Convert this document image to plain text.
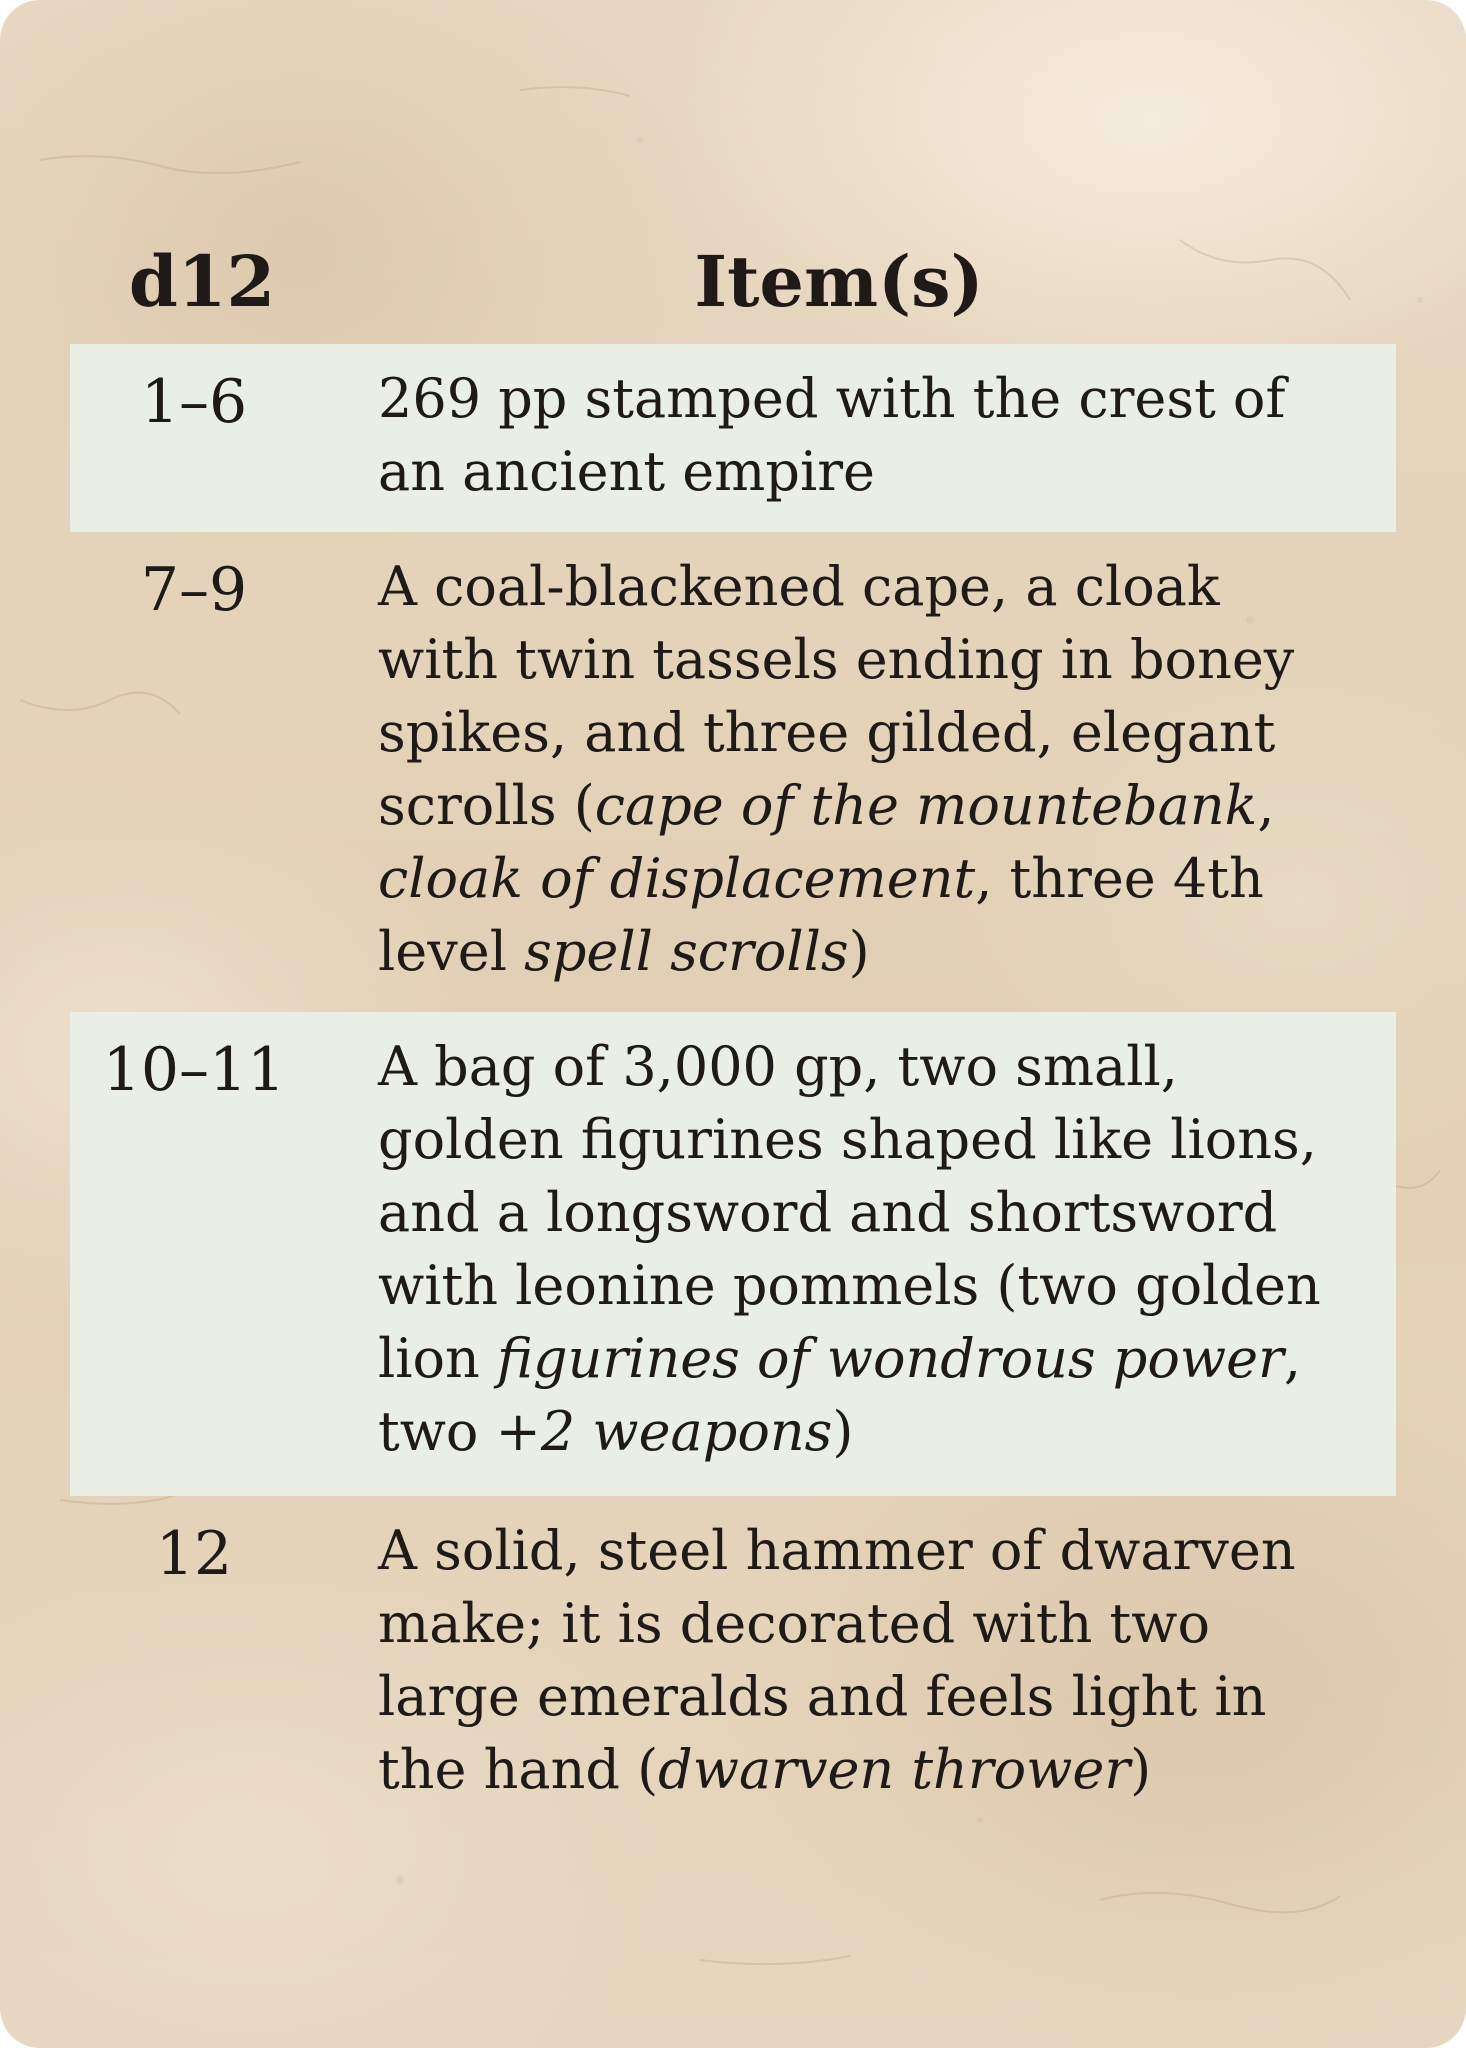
d12	Item(s)
1–6	269 pp stamped with the crest of an ancient empire
7–9	A coal-blackened cape, a cloak with twin tassels ending in boney spikes, and three gilded, elegant scrolls (cape of the mountebank, cloak of displacement, three 4th level spell scrolls)
10–11	A bag of 3,000 gp, two small, golden figurines shaped like lions, and a longsword and shortsword with leonine pommels (two golden lion figurines of wondrous power, two +2 weapons)
12	A solid, steel hammer of dwarven make; it is decorated with two large emeralds and feels light in the hand (dwarven thrower)
